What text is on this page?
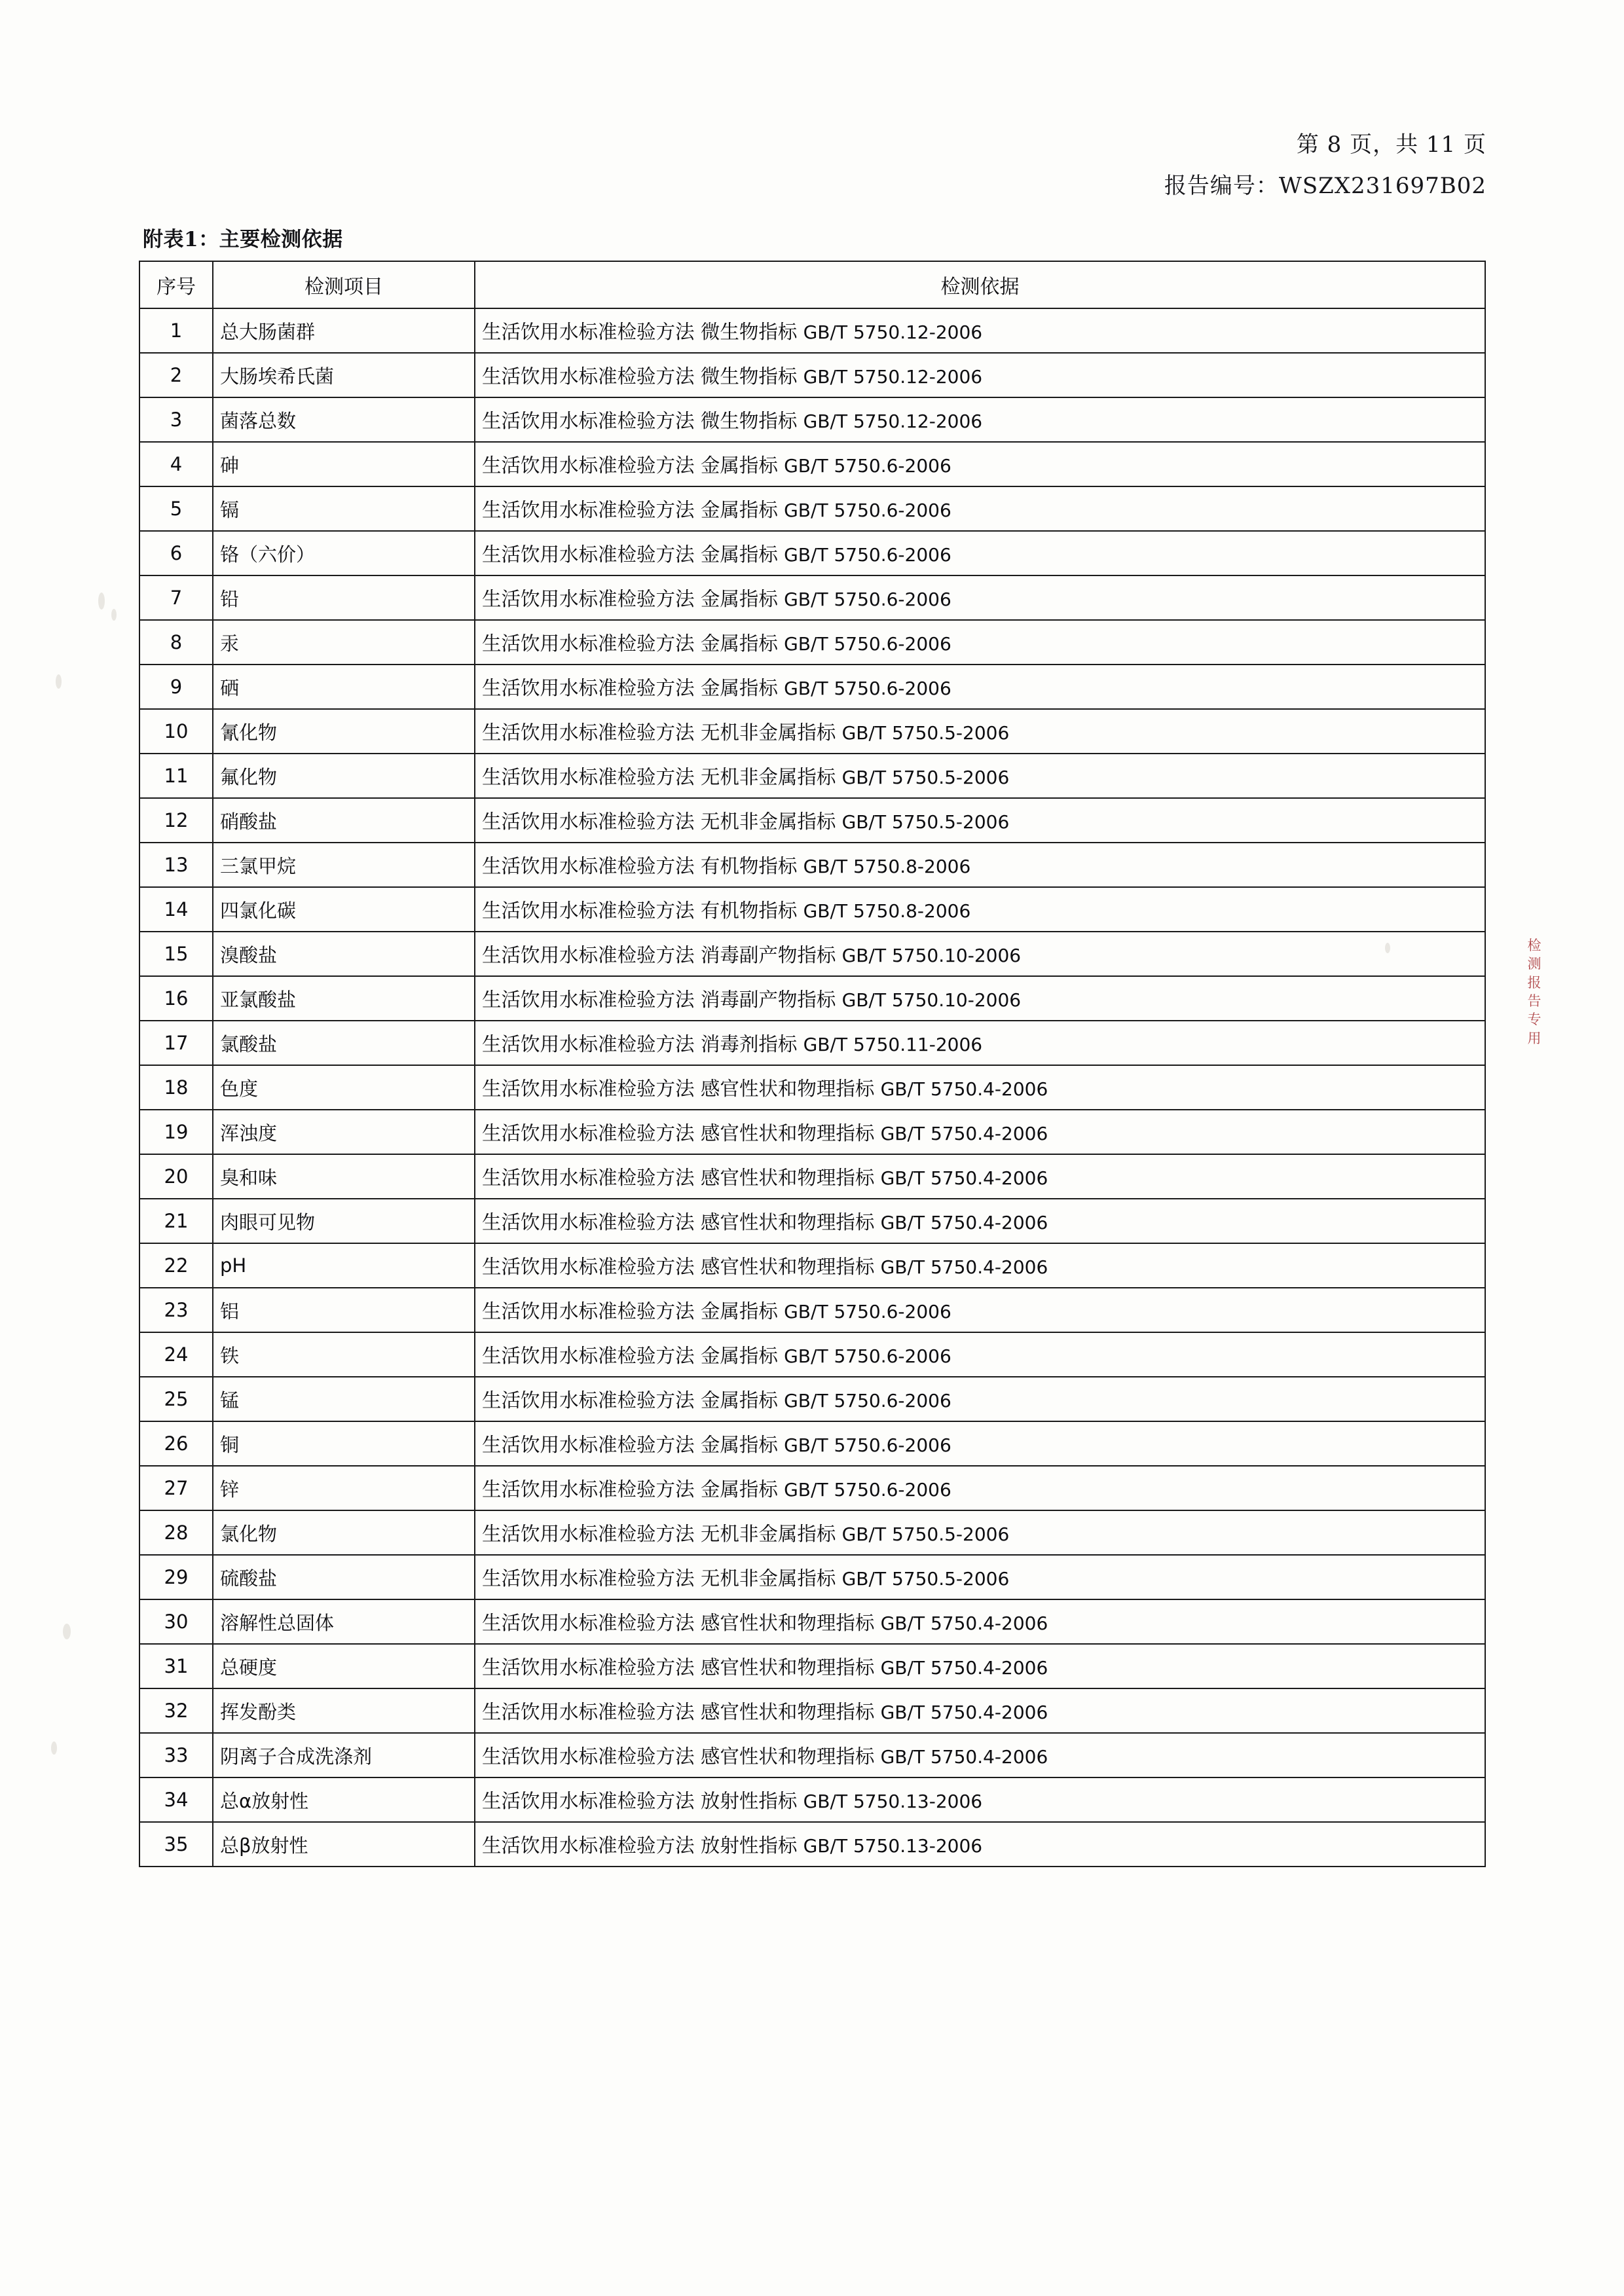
第 8 页，共 11 页
报告编号：WSZX231697B02
附表1：主要检测依据
序号	检测项目	检测依据
1	总大肠菌群	生活饮用水标准检验方法 微生物指标 GB/T 5750.12-2006
2	大肠埃希氏菌	生活饮用水标准检验方法 微生物指标 GB/T 5750.12-2006
3	菌落总数	生活饮用水标准检验方法 微生物指标 GB/T 5750.12-2006
4	砷	生活饮用水标准检验方法 金属指标 GB/T 5750.6-2006
5	镉	生活饮用水标准检验方法 金属指标 GB/T 5750.6-2006
6	铬（六价）	生活饮用水标准检验方法 金属指标 GB/T 5750.6-2006
7	铅	生活饮用水标准检验方法 金属指标 GB/T 5750.6-2006
8	汞	生活饮用水标准检验方法 金属指标 GB/T 5750.6-2006
9	硒	生活饮用水标准检验方法 金属指标 GB/T 5750.6-2006
10	氰化物	生活饮用水标准检验方法 无机非金属指标 GB/T 5750.5-2006
11	氟化物	生活饮用水标准检验方法 无机非金属指标 GB/T 5750.5-2006
12	硝酸盐	生活饮用水标准检验方法 无机非金属指标 GB/T 5750.5-2006
13	三氯甲烷	生活饮用水标准检验方法 有机物指标 GB/T 5750.8-2006
14	四氯化碳	生活饮用水标准检验方法 有机物指标 GB/T 5750.8-2006
15	溴酸盐	生活饮用水标准检验方法 消毒副产物指标 GB/T 5750.10-2006
16	亚氯酸盐	生活饮用水标准检验方法 消毒副产物指标 GB/T 5750.10-2006
17	氯酸盐	生活饮用水标准检验方法 消毒剂指标 GB/T 5750.11-2006
18	色度	生活饮用水标准检验方法 感官性状和物理指标 GB/T 5750.4-2006
19	浑浊度	生活饮用水标准检验方法 感官性状和物理指标 GB/T 5750.4-2006
20	臭和味	生活饮用水标准检验方法 感官性状和物理指标 GB/T 5750.4-2006
21	肉眼可见物	生活饮用水标准检验方法 感官性状和物理指标 GB/T 5750.4-2006
22	pH	生活饮用水标准检验方法 感官性状和物理指标 GB/T 5750.4-2006
23	铝	生活饮用水标准检验方法 金属指标 GB/T 5750.6-2006
24	铁	生活饮用水标准检验方法 金属指标 GB/T 5750.6-2006
25	锰	生活饮用水标准检验方法 金属指标 GB/T 5750.6-2006
26	铜	生活饮用水标准检验方法 金属指标 GB/T 5750.6-2006
27	锌	生活饮用水标准检验方法 金属指标 GB/T 5750.6-2006
28	氯化物	生活饮用水标准检验方法 无机非金属指标 GB/T 5750.5-2006
29	硫酸盐	生活饮用水标准检验方法 无机非金属指标 GB/T 5750.5-2006
30	溶解性总固体	生活饮用水标准检验方法 感官性状和物理指标 GB/T 5750.4-2006
31	总硬度	生活饮用水标准检验方法 感官性状和物理指标 GB/T 5750.4-2006
32	挥发酚类	生活饮用水标准检验方法 感官性状和物理指标 GB/T 5750.4-2006
33	阴离子合成洗涤剂	生活饮用水标准检验方法 感官性状和物理指标 GB/T 5750.4-2006
34	总α放射性	生活饮用水标准检验方法 放射性指标 GB/T 5750.13-2006
35	总β放射性	生活饮用水标准检验方法 放射性指标 GB/T 5750.13-2006
检
测
报
告
专
用
